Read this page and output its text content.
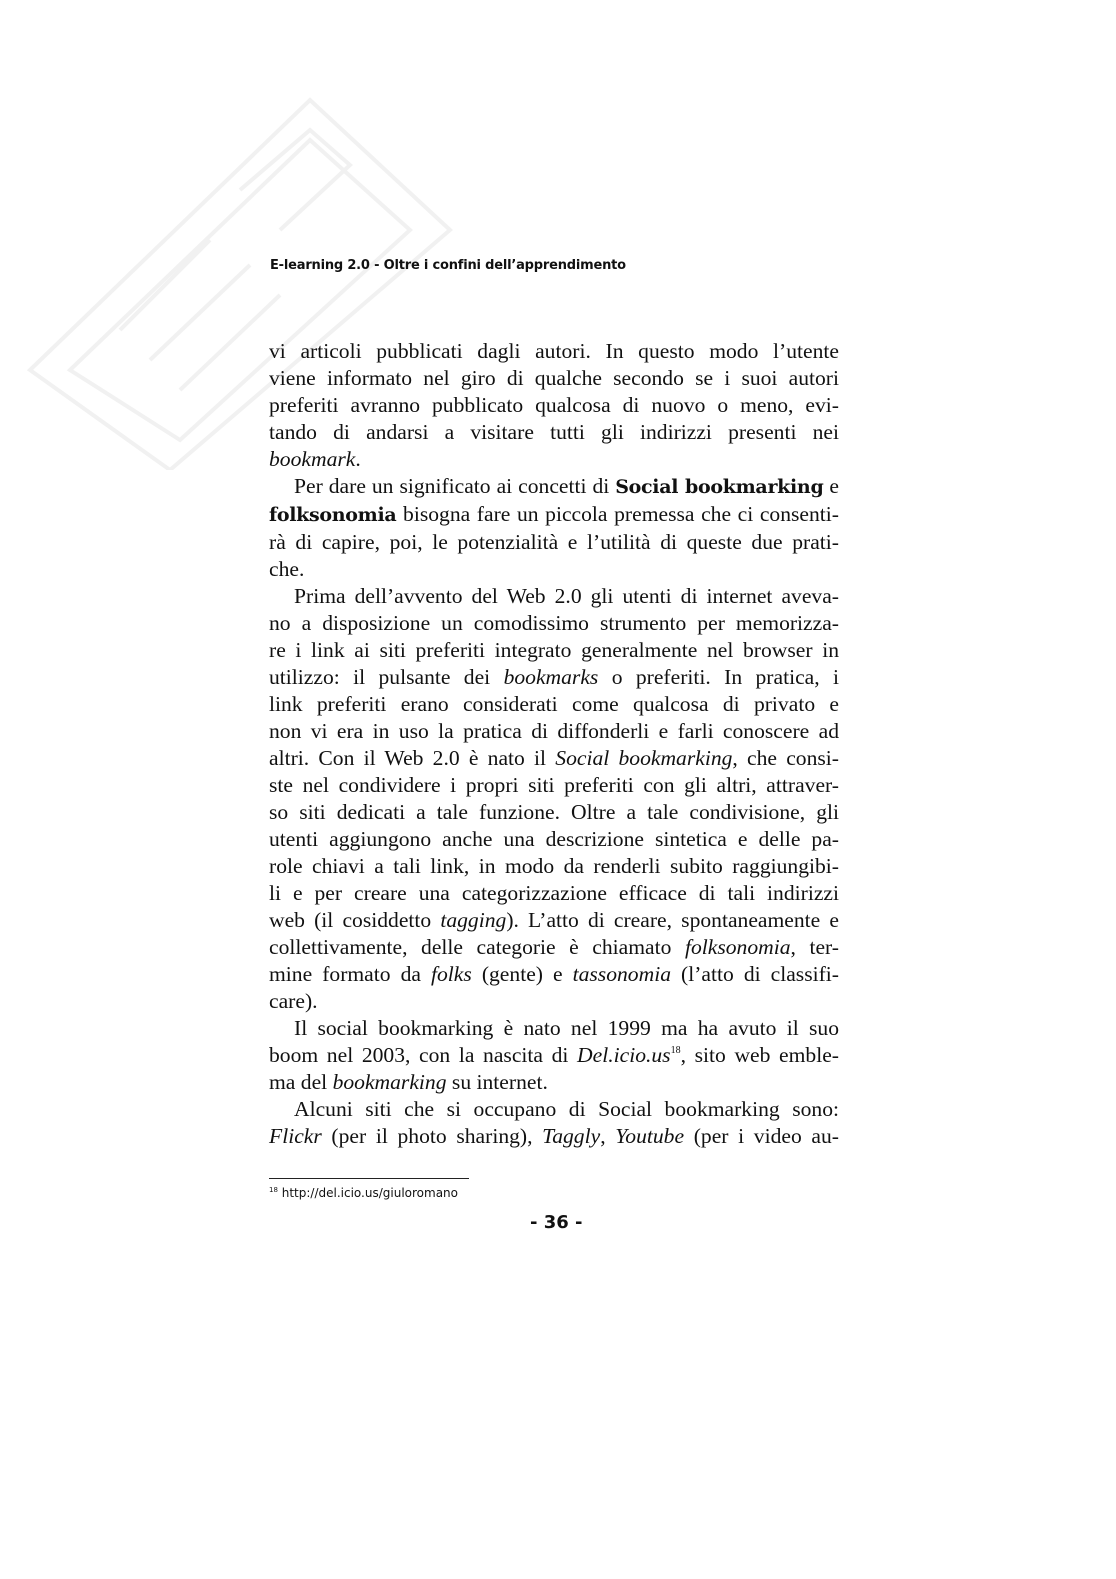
E-learning 2.0 - Oltre i confini dell’apprendimento
vi articoli pubblicati dagli autori. In questo modo l’utente
viene informato nel giro di qualche secondo se i suoi autori
preferiti avranno pubblicato qualcosa di nuovo o meno, evi-
tando di andarsi a visitare tutti gli indirizzi presenti nei
bookmark.
Per dare un significato ai concetti di Social bookmarking e
folksonomia bisogna fare un piccola premessa che ci consenti-
rà di capire, poi, le potenzialità e l’utilità di queste due prati-
che.
Prima dell’avvento del Web 2.0 gli utenti di internet aveva-
no a disposizione un comodissimo strumento per memorizza-
re i link ai siti preferiti integrato generalmente nel browser in
utilizzo: il pulsante dei bookmarks o preferiti. In pratica, i
link preferiti erano considerati come qualcosa di privato e
non vi era in uso la pratica di diffonderli e farli conoscere ad
altri. Con il Web 2.0 è nato il Social bookmarking, che consi-
ste nel condividere i propri siti preferiti con gli altri, attraver-
so siti dedicati a tale funzione. Oltre a tale condivisione, gli
utenti aggiungono anche una descrizione sintetica e delle pa-
role chiavi a tali link, in modo da renderli subito raggiungibi-
li e per creare una categorizzazione efficace di tali indirizzi
web (il cosiddetto tagging). L’atto di creare, spontaneamente e
collettivamente, delle categorie è chiamato folksonomia, ter-
mine formato da folks (gente) e tassonomia (l’atto di classifi-
care).
Il social bookmarking è nato nel 1999 ma ha avuto il suo
boom nel 2003, con la nascita di $Del.icio.us^{18}$, sito web emble-
ma del bookmarking su internet.
Alcuni siti che si occupano di Social bookmarking sono:
Flickr (per il photo sharing), Taggly, Youtube (per i video au-
$^{18}$ http://del.icio.us/giuloromano
- 36 -
